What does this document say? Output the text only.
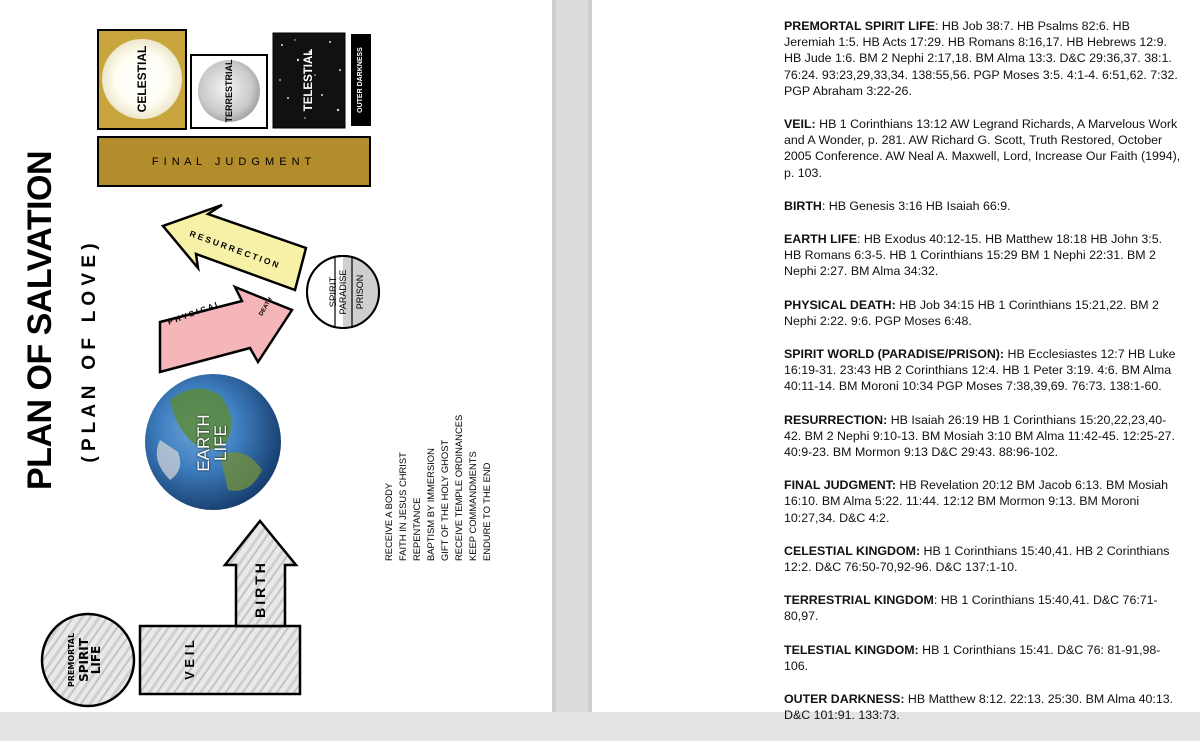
PLAN OF SALVATION ( P L A N   O F   L O V E )
PREMORTAL SPIRIT
LIFE	V E I L
BIRTH
EARTH
LIFE
RECEIVE A BODY FAITH IN JESUS CHRIST REPENTANCE BAPTISM BY IMMERSION GIFT OF THE HOLY GHOST RECEIVE TEMPLE ORDINANCES KEEP COMMANDMENTS ENDURE TO THE END
P H Y S I C A L	DEATH
R E S U R R E C T I O N
SPIRIT PARADISE PRISON
F I N A L   J U D G M E N T
CELESTIAL	TERRESTRIAL	TELESTIAL	OUTER DARKNESS
PREMORTAL SPIRIT LIFE: HB Job 38:7. HB Psalms 82:6. HB Jeremiah 1:5. HB Acts 17:29. HB Romans 8:16,17. HB Hebrews 12:9. HB Jude 1:6. BM 2 Nephi 2:17,18. BM Alma 13:3. D&C 29:36,37. 38:1. 76:24. 93:23,29,33,34. 138:55,56. PGP Moses 3:5. 4:1-4. 6:51,62. 7:32. PGP Abraham 3:22-26.
VEIL: HB 1 Corinthians 13:12 AW Legrand Richards, A Marvelous Work and A Wonder, p. 281. AW Richard G. Scott, Truth Restored, October 2005 Conference. AW Neal A. Maxwell, Lord, Increase Our Faith (1994), p. 103.
BIRTH: HB Genesis 3:16 HB Isaiah 66:9.
EARTH LIFE: HB Exodus 40:12-15. HB Matthew 18:18 HB John 3:5. HB Romans 6:3-5. HB 1 Corinthians 15:29 BM 1 Nephi 22:31. BM 2 Nephi 2:27. BM Alma 34:32.
PHYSICAL DEATH: HB Job 34:15 HB 1 Corinthians 15:21,22. BM 2 Nephi 2:22. 9:6. PGP Moses 6:48.
SPIRIT WORLD (PARADISE/PRISON): HB Ecclesiastes 12:7 HB Luke 16:19-31. 23:43 HB 2 Corinthians 12:4. HB 1 Peter 3:19. 4:6. BM Alma 40:11-14. BM Moroni 10:34 PGP Moses 7:38,39,69. 76:73. 138:1-60.
RESURRECTION: HB Isaiah 26:19 HB 1 Corinthians 15:20,22,23,40-42. BM 2 Nephi 9:10-13. BM Mosiah 3:10 BM Alma 11:42-45. 12:25-27. 40:9-23. BM Mormon 9:13 D&C 29:43. 88:96-102.
FINAL JUDGMENT: HB Revelation 20:12 BM Jacob 6:13. BM Mosiah 16:10. BM Alma 5:22. 11:44. 12:12 BM Mormon 9:13. BM Moroni 10:27,34. D&C 4:2.
CELESTIAL KINGDOM: HB 1 Corinthians 15:40,41. HB 2 Corinthians 12:2. D&C 76:50-70,92-96. D&C 137:1-10.
TERRESTRIAL KINGDOM: HB 1 Corinthians 15:40,41. D&C 76:71-80,97.
TELESTIAL KINGDOM: HB 1 Corinthians 15:41. D&C 76: 81-91,98-106.
OUTER DARKNESS: HB Matthew 8:12. 22:13. 25:30. BM Alma 40:13. D&C 101:91. 133:73.
